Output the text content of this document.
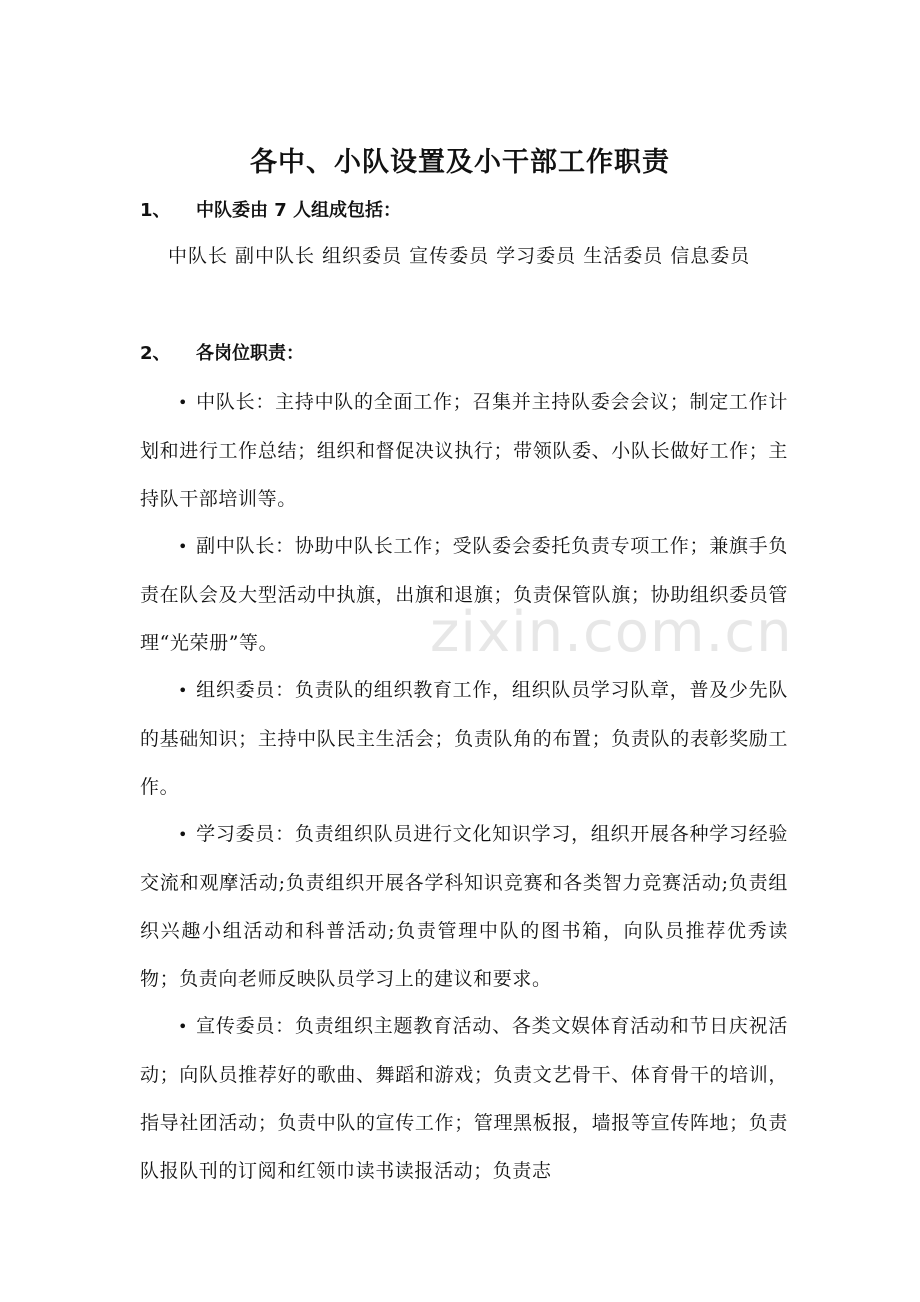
各中、小队设置及小干部工作职责
1、 中队委由 7 人组成包括：
中队长 副中队长 组织委员 宣传委员 学习委员 生活委员 信息委员
2、 各岗位职责：
• 中队长：主持中队的全面工作；召集并主持队委会会议；制定工作计划和进行工作总结；组织和督促决议执行；带领队委、小队长做好工作；主持队干部培训等。
• 副中队长：协助中队长工作；受队委会委托负责专项工作；兼旗手负责在队会及大型活动中执旗，出旗和退旗；负责保管队旗；协助组织委员管理“光荣册”等。
• 组织委员：负责队的组织教育工作，组织队员学习队章，普及少先队的基础知识；主持中队民主生活会；负责队角的布置；负责队的表彰奖励工作。
• 学习委员：负责组织队员进行文化知识学习，组织开展各种学习经验交流和观摩活动;负责组织开展各学科知识竞赛和各类智力竞赛活动;负责组织兴趣小组活动和科普活动;负责管理中队的图书箱，向队员推荐优秀读物；负责向老师反映队员学习上的建议和要求。
• 宣传委员：负责组织主题教育活动、各类文娱体育活动和节日庆祝活动；向队员推荐好的歌曲、舞蹈和游戏；负责文艺骨干、体育骨干的培训，指导社团活动；负责中队的宣传工作；管理黑板报，墙报等宣传阵地；负责队报队刊的订阅和红领巾读书读报活动；负责志
zixin.com.cn
